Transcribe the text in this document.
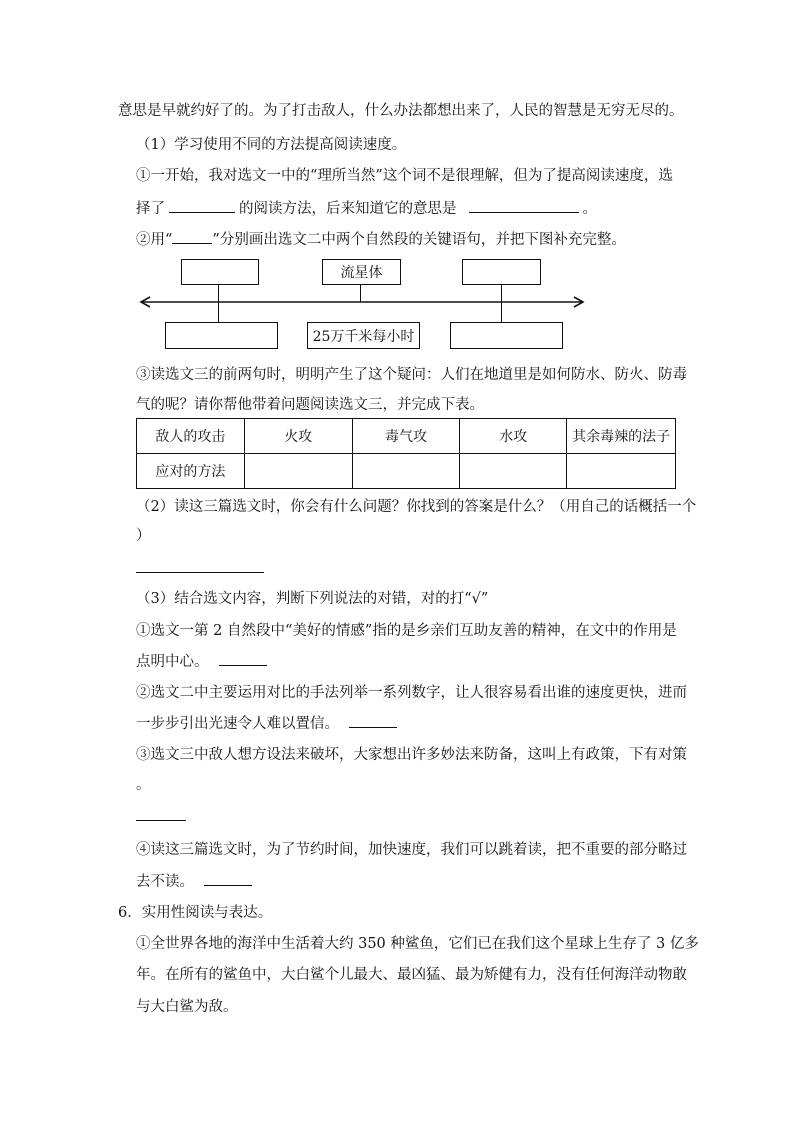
意思是早就约好了的。为了打击敌人，什么办法都想出来了，人民的智慧是无穷无尽的。
（1）学习使用不同的方法提高阅读速度。
①一开始，我对选文一中的“理所当然”这个词不是很理解，但为了提高阅读速度，选
择了	的阅读方法，后来知道它的意思是	。
②用“	”分别画出选文二中两个自然段的关键语句，并把下图补充完整。
流星体
25万千米每小时
③读选文三的前两句时，明明产生了这个疑问：人们在地道里是如何防水、防火、防毒
气的呢？请你帮他带着问题阅读选文三，并完成下表。
敌人的攻击	火攻	毒气攻	水攻	其余毒辣的法子
应对的方法				
（2）读这三篇选文时，你会有什么问题？你找到的答案是什么？（用自己的话概括一个
）
（3）结合选文内容，判断下列说法的对错，对的打“√”
①选文一第 2 自然段中“美好的情感”指的是乡亲们互助友善的精神，在文中的作用是
点明中心。
②选文二中主要运用对比的手法列举一系列数字，让人很容易看出谁的速度更快，进而
一步步引出光速令人难以置信。
③选文三中敌人想方设法来破坏，大家想出许多妙法来防备，这叫上有政策，下有对策
。
④读这三篇选文时，为了节约时间，加快速度，我们可以跳着读，把不重要的部分略过
去不读。
6．实用性阅读与表达。
①全世界各地的海洋中生活着大约 350 种鲨鱼，它们已在我们这个星球上生存了 3 亿多
年。在所有的鲨鱼中，大白鲨个儿最大、最凶猛、最为矫健有力，没有任何海洋动物敢
与大白鲨为敌。
